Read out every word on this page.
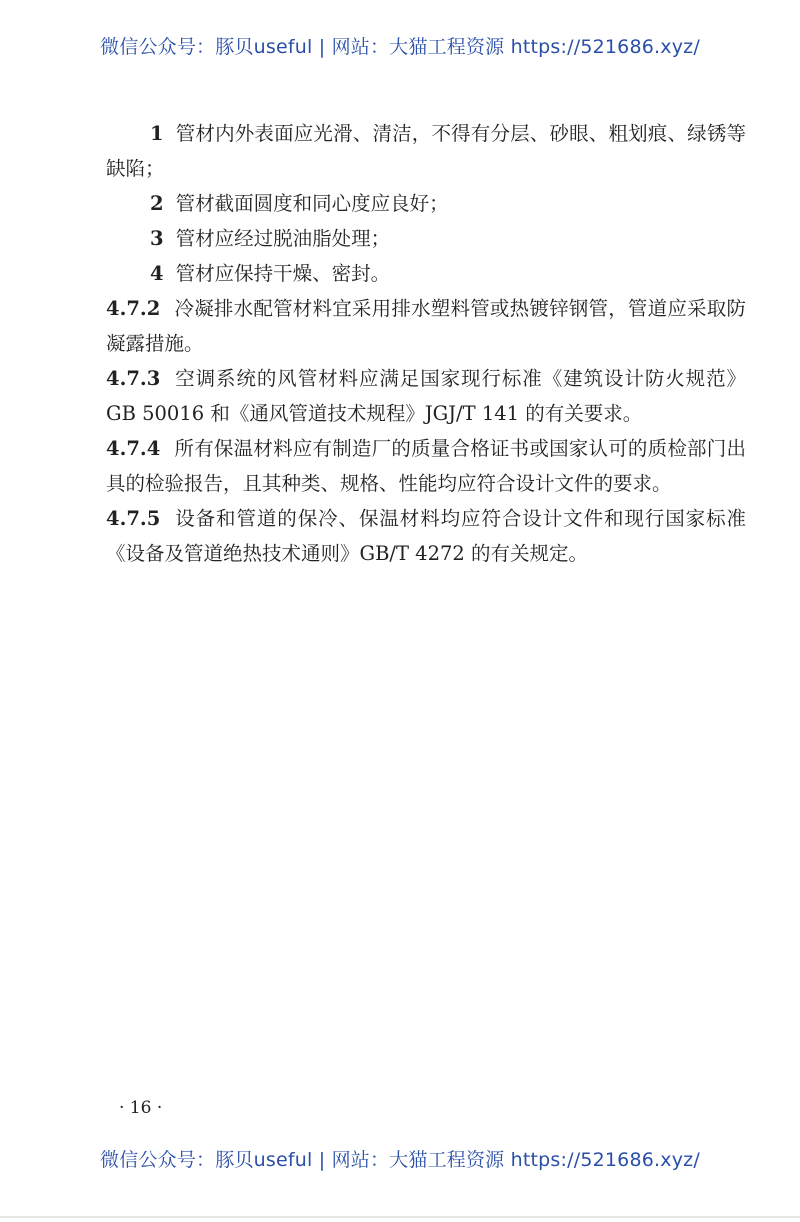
微信公众号：豚贝useful | 网站：大猫工程资源 https://521686.xyz/

1 管材内外表面应光滑、清洁，不得有分层、砂眼、粗划痕、绿锈等缺陷；

2 管材截面圆度和同心度应良好；

3 管材应经过脱油脂处理；

4 管材应保持干燥、密封。

4.7.2 冷凝排水配管材料宜采用排水塑料管或热镀锌钢管，管道应采取防凝露措施。

4.7.3 空调系统的风管材料应满足国家现行标准《建筑设计防火规范》GB 50016 和《通风管道技术规程》JGJ/T 141 的有关要求。

4.7.4 所有保温材料应有制造厂的质量合格证书或国家认可的质检部门出具的检验报告，且其种类、规格、性能均应符合设计文件的要求。

4.7.5 设备和管道的保冷、保温材料均应符合设计文件和现行国家标准《设备及管道绝热技术通则》GB/T 4272 的有关规定。

· 16 ·
微信公众号：豚贝useful | 网站：大猫工程资源 https://521686.xyz/
